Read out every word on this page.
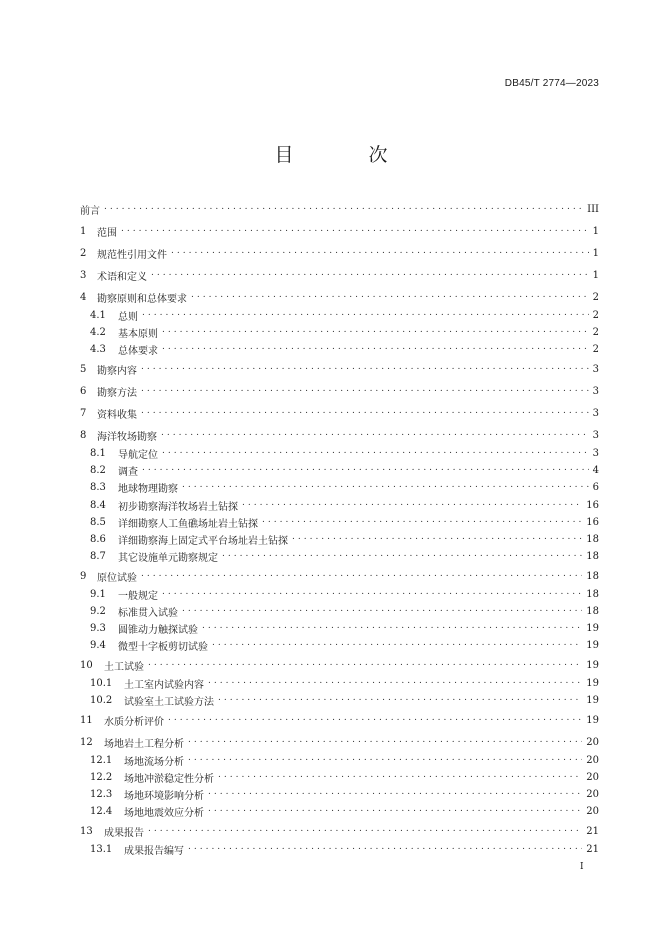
DB45/T 2774—2023
目　次
前言 .....	III
1	范围 .....	1
2	规范性引用文件 .....	1
3	术语和定义 .....	1
4	勘察原则和总体要求 .....	2
4.1	总则 .....	2
4.2	基本原则 .....	2
4.3	总体要求 .....	2
5	勘察内容 .....	3
6	勘察方法 .....	3
7	资料收集 .....	3
8	海洋牧场勘察 .....	3
8.1	导航定位 .....	3
8.2	调查 .....	4
8.3	地球物理勘察 .....	6
8.4	初步勘察海洋牧场岩土钻探 .....	16
8.5	详细勘察人工鱼礁场址岩土钻探 .....	16
8.6	详细勘察海上固定式平台场址岩土钻探 .....	18
8.7	其它设施单元勘察规定 .....	18
9	原位试验 .....	18
9.1	一般规定 .....	18
9.2	标准贯入试验 .....	18
9.3	圆锥动力触探试验 .....	19
9.4	微型十字板剪切试验 .....	19
10	土工试验 .....	19
10.1	土工室内试验内容 .....	19
10.2	试验室土工试验方法 .....	19
11	水质分析评价 .....	19
12	场地岩土工程分析 .....	20
12.1	场地流场分析 .....	20
12.2	场地冲淤稳定性分析 .....	20
12.3	场地环境影响分析 .....	20
12.4	场地地震效应分析 .....	20
13	成果报告 .....	21
13.1	成果报告编写 .....	21
I
